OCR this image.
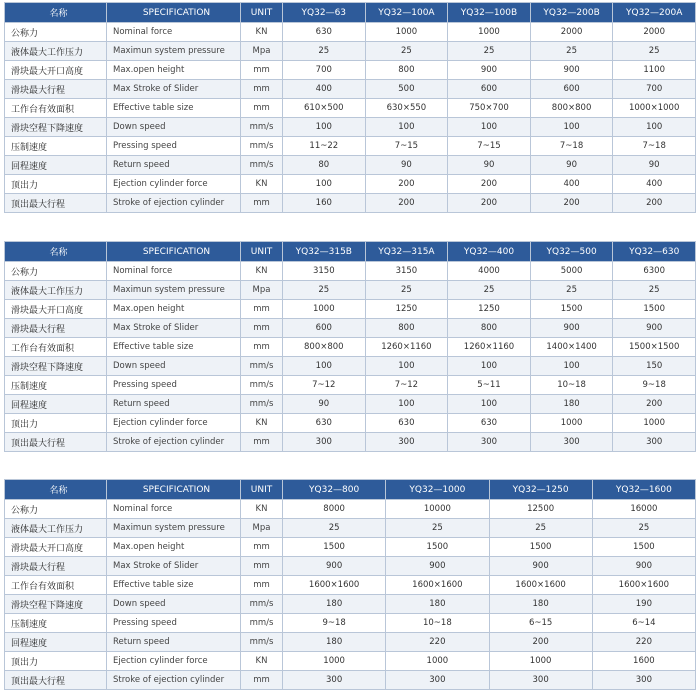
名称	SPECIFICATION	UNIT	YQ32—63	YQ32—100A	YQ32—100B	YQ32—200B	YQ32—200A
公称力	Nominal force	KN	630	1000	1000	2000	2000
液体最大工作压力	Maximun system pressure	Mpa	25	25	25	25	25
滑块最大开口高度	Max.open height	mm	700	800	900	900	1100
滑块最大行程	Max Stroke of Slider	mm	400	500	600	600	700
工作台有效面积	Effective table size	mm	610×500	630×550	750×700	800×800	1000×1000
滑块空程下降速度	Down speed	mm/s	100	100	100	100	100
压制速度	Pressing speed	mm/s	11~22	7~15	7~15	7~18	7~18
回程速度	Return speed	mm/s	80	90	90	90	90
顶出力	Ejection cylinder force	KN	100	200	200	400	400
顶出最大行程	Stroke of ejection cylinder	mm	160	200	200	200	200
名称	SPECIFICATION	UNIT	YQ32—315B	YQ32—315A	YQ32—400	YQ32—500	YQ32—630
公称力	Nominal force	KN	3150	3150	4000	5000	6300
液体最大工作压力	Maximun system pressure	Mpa	25	25	25	25	25
滑块最大开口高度	Max.open height	mm	1000	1250	1250	1500	1500
滑块最大行程	Max Stroke of Slider	mm	600	800	800	900	900
工作台有效面积	Effective table size	mm	800×800	1260×1160	1260×1160	1400×1400	1500×1500
滑块空程下降速度	Down speed	mm/s	100	100	100	100	150
压制速度	Pressing speed	mm/s	7~12	7~12	5~11	10~18	9~18
回程速度	Return speed	mm/s	90	100	100	180	200
顶出力	Ejection cylinder force	KN	630	630	630	1000	1000
顶出最大行程	Stroke of ejection cylinder	mm	300	300	300	300	300
名称	SPECIFICATION	UNIT	YQ32—800	YQ32—1000	YQ32—1250	YQ32—1600
公称力	Nominal force	KN	8000	10000	12500	16000
液体最大工作压力	Maximun system pressure	Mpa	25	25	25	25
滑块最大开口高度	Max.open height	mm	1500	1500	1500	1500
滑块最大行程	Max Stroke of Slider	mm	900	900	900	900
工作台有效面积	Effective table size	mm	1600×1600	1600×1600	1600×1600	1600×1600
滑块空程下降速度	Down speed	mm/s	180	180	180	190
压制速度	Pressing speed	mm/s	9~18	10~18	6~15	6~14
回程速度	Return speed	mm/s	180	220	200	220
顶出力	Ejection cylinder force	KN	1000	1000	1000	1600
顶出最大行程	Stroke of ejection cylinder	mm	300	300	300	300
